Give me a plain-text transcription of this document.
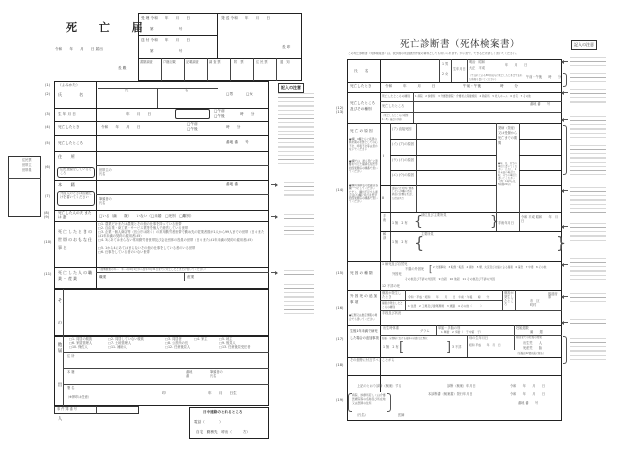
死 亡 届
令和　　年　　月　　日 届出
長 殿
受 理 令和　　年　　月　　日
第　　　　　　　号
送 付 令和　　年　　月　　日
第　　　　　　　号
発 送 令和　　年　　月　　日
長 印
書類調査	戸籍記載	記載調査	調 査 票	附　票	住 民 票	通　知
(1) （よみかた）
(2) 氏　　　　名
氏	名
□男	□女
(3) 生 年 月 日	年　　月　　日
□午前
□午後	時　　分
(4) 死亡したとき	令和　　年　　月　　日
□午前
□午後	時　　分
(5) 死亡したところ	番地 番　　号
(6)
住　　所
住民登録をしているところ
世帯主の氏名
(7)
本　　籍
外国人のときは国籍だけを書いてください
番地 番
筆頭者の氏名
(8)(9)
死亡した人の夫 または 妻	□いる（満　　歳）　　いない（□未婚　□死別　□離別）
(10)
死亡したときの世帯のおもな仕事と
□1. 農業だけまたは農業とその他の仕事を持っている世帯
□2. 自由業・商工業・サービス業等を個人で経営している世帯
□3. 企業・個人商店等（官公庁は除く）の常用勤労者世帯で勤め先の従業者数が1人から99人までの世帯（日々または1年未満の契約の雇用者は5）
□4. 3にあてはまらない常用勤労者世帯及び会社団体の役員の世帯（日々または1年未満の契約の雇用者は5）
□5. 1から4にあてはまらないその他の仕事をしている者のいる世帯
□6. 仕事をしている者のいない世帯
(11) 死亡した人の職業・産業
（国勢調査の年…　年…の4月1日から翌年3月31日までに死亡したときだけ書いてください）
職業	産業
そ の 他
届 出 人
□1. 同居の親族	□2. 同居していない親族	□3. 同居者	□4. 家主	□5. 地主
□6. 家屋管理人	□7. 土地管理人	□8. 公設所の長	□9. 後見人
□10. 保佐人	□11. 補助人	□12. 任意後見人	□13. 任意後見受任者
住 所
本 籍	番地 番
筆頭者の氏名
署 名
（※押印は任意）
印	年　　月　　日生
事 件 簿 番 号
日中連絡のとれるところ
電話（　　　　）
自宅　勤務先　呼出（　　　方）
住民票
世帯主
世帯員
記入の注意
死亡診断書（死体検案書）
この死亡診断書（死体検案書）は、我が国の死因統計作成の資料としても用いられます。かい書で、できるだけ詳しく書いてください。
記入の注意
氏　　名
1 男
2 女
生年月日
明治　昭和
大正　平成
年　　月　　日
（生まれてから30日以内に死亡したときは生まれた時刻も書いてください）
午前・午後　　時　　分
死亡したとき	令和　　　年　　　月　　　日	午前・午後	時　　　分
(12)(13)
死亡したところ及びその種別
死亡したところの種別 1 病院　2 診療所　3 介護医療院・介護老人保健施設　4 助産所　5 老人ホーム　6 自宅　7 その他
死亡したところ	番地 番　　号
（死亡したところの種別1〜5）施設の名称
(14)
死 亡 の 原 因
●I欄、II欄ともに疾患の終末期の状態としての心不全、呼吸不全等は書かないでください
●I欄では、最も死亡に影響を与えた傷病名を医学的因果関係の順番で書いてください
●I欄の傷病名の記載は各欄一つにしてください　ただし、欄が不足する場合は(エ)欄に残りを医学的因果関係の順番で書いてください
I
(ア) 直接死因
(イ) (ア)の原因
(ウ) (イ)の原因
(エ) (ウ)の原因
発病（発症）又は受傷から死亡までの期間
●年、月、日等の単位で書いてください　ただし、1日未満の場合は、時、分等の単位で書いてください（例：1年3ヵ月、5時間20分）
II
直接には死因に関係しないがI欄の傷病経過に影響を及ぼした傷病名等
手術
1 無　2 有 {
部位及び主要所見	} 手術年月日
令和 平成 昭和　　年　月　日
解剖
1 無　2 有 {
主要所見	}
(15) 死 因 の 種 類
1 病死及び自然死
外因死
不慮の外因死 [ 2 交通事故　3 転倒・転落　4 溺水　5 煙、火災及び火焔による傷害　6 窒息　7 中毒　8 その他
その他及び不詳の外因死　9 自殺　10 他殺　11 その他及び不詳の外因
12 不詳の死
(16)
外 因 死 の 追 加 事 項
●伝聞又は推定情報の場合でも書いてください
傷害が発生したとき	令和・平成・昭和　　年　　月　　日　午前・午後　　時　　分
傷害が発生したところの種別	1 住居　2 工場及び建築現場　3 道路　4 その他（　　　）
傷害が発生したところ
都道府県
市　区　町村
手段及び状況
(17)
生後1年未満で病死した場合の追加事項
出生時体重
グラム
単胎・多胎の別
1 単胎　2 多胎（　子中第　子）
妊娠週数
満　　週
妊娠・分娩時における母体の病態又は異状
1 無　2 有 [	] 3 不詳
母の生年月日
昭和 平成　　年　月　日
前回までの妊娠の結果
出生児　　人
死産児　　胎
（妊娠満22週以後に限る）
(18)
その他特に付言すべきことがら
(19)
上記のとおり診断（検案）する	診断（検案）年月日	令和　　年　　月　　日
本診断書（検案書）発行年月日	令和　　年　　月　　日
病院、診療所若しくは介護医療院等の名称及び所在地又は医師の住所	番地 番　　号
（氏名）	医師
